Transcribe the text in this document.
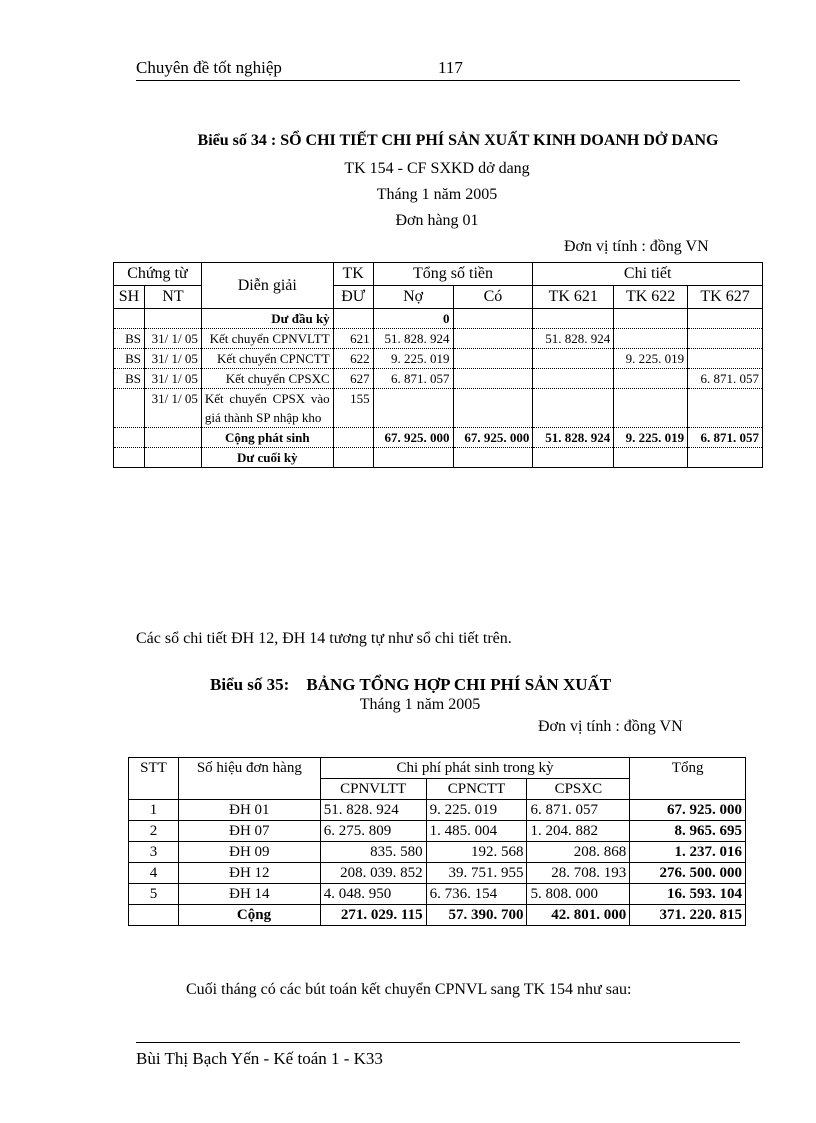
Chuyên đề tốt nghiệp	117
Biểu số 34 : SỔ CHI TIẾT CHI PHÍ SẢN XUẤT KINH DOANH DỞ DANG
TK 154 - CF SXKD dở dang
Tháng 1 năm 2005
Đơn hàng 01
Đơn vị tính : đồng VN
Chứng từ		Diễn giải	TK	Tổng số tiền		Chi tiết		
SH	NT		ĐƯ	Nợ	Có	TK 621	TK 622	TK 627
		Dư đầu kỳ		0				
BS	31/ 1/ 05	Kết chuyển CPNVLTT	621	51. 828. 924		51. 828. 924		
BS	31/ 1/ 05	Kết chuyển CPNCTT	622	9. 225. 019			9. 225. 019	
BS	31/ 1/ 05	Kết chuyển CPSXC	627	6. 871. 057				6. 871. 057
	31/ 1/ 05	Kết chuyển CPSX vào giá thành SP nhập kho	155					
		Cộng phát sinh		67. 925. 000	67. 925. 000	51. 828. 924	9. 225. 019	6. 871. 057
		Dư cuối kỳ						
Các sổ chi tiết ĐH 12, ĐH 14 tương tự như sổ chi tiết trên.
Biểu số 35:    BẢNG TỔNG HỢP CHI PHÍ SẢN XUẤT
Tháng 1 năm 2005
Đơn vị tính : đồng VN
STT	Số hiệu đơn hàng	Chi phí phát sinh trong kỳ			Tổng
		CPNVLTT	CPNCTT	CPSXC	
1	ĐH 01	51. 828. 924	9. 225. 019	6. 871. 057	67. 925. 000
2	ĐH 07	6. 275. 809	1. 485. 004	1. 204. 882	8. 965. 695
3	ĐH 09	835. 580	192. 568	208. 868	1. 237. 016
4	ĐH 12	208. 039. 852	39. 751. 955	28. 708. 193	276. 500. 000
5	ĐH 14	4. 048. 950	6. 736. 154	5. 808. 000	16. 593. 104
	Cộng	271. 029. 115	57. 390. 700	42. 801. 000	371. 220. 815
Cuối tháng có các bút toán kết chuyển CPNVL sang TK 154 như sau:
Bùi Thị Bạch Yến - Kế toán 1 - K33
